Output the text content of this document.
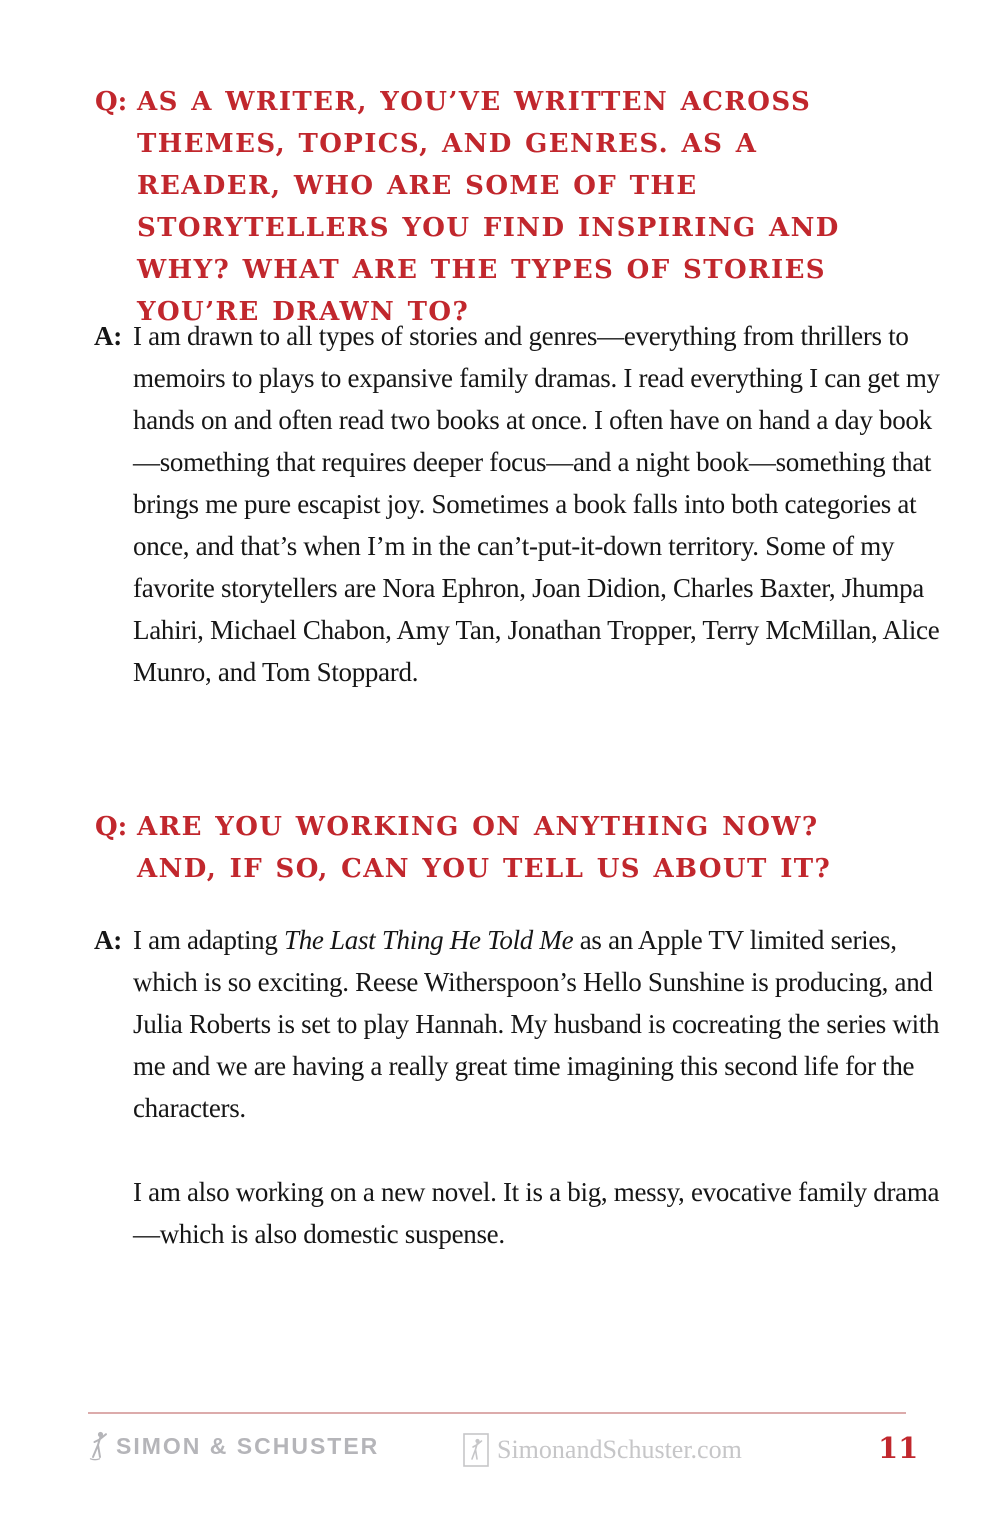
Q: AS A WRITER, YOU’VE WRITTEN ACROSS THEMES, TOPICS, AND GENRES. AS A READER, WHO ARE SOME OF THE STORYTELLERS YOU FIND INSPIRING AND WHY? WHAT ARE THE TYPES OF STORIES YOU’RE DRAWN TO?

A: I am drawn to all types of stories and genres—everything from thrillers to memoirs to plays to expansive family dramas. I read everything I can get my hands on and often read two books at once. I often have on hand a day book—something that requires deeper focus—and a night book—something that brings me pure escapist joy. Sometimes a book falls into both categories at once, and that’s when I’m in the can’t-put-it-down territory. Some of my favorite storytellers are Nora Ephron, Joan Didion, Charles Baxter, Jhumpa Lahiri, Michael Chabon, Amy Tan, Jonathan Tropper, Terry McMillan, Alice Munro, and Tom Stoppard.

Q: ARE YOU WORKING ON ANYTHING NOW? AND, IF SO, CAN YOU TELL US ABOUT IT?

A: I am adapting The Last Thing He Told Me as an Apple TV limited series, which is so exciting. Reese Witherspoon’s Hello Sunshine is producing, and Julia Roberts is set to play Hannah. My husband is cocreating the series with me and we are having a really great time imagining this second life for the characters.

I am also working on a new novel. It is a big, messy, evocative family drama—which is also domestic suspense.

SIMON & SCHUSTER	SimonandSchuster.com	11
